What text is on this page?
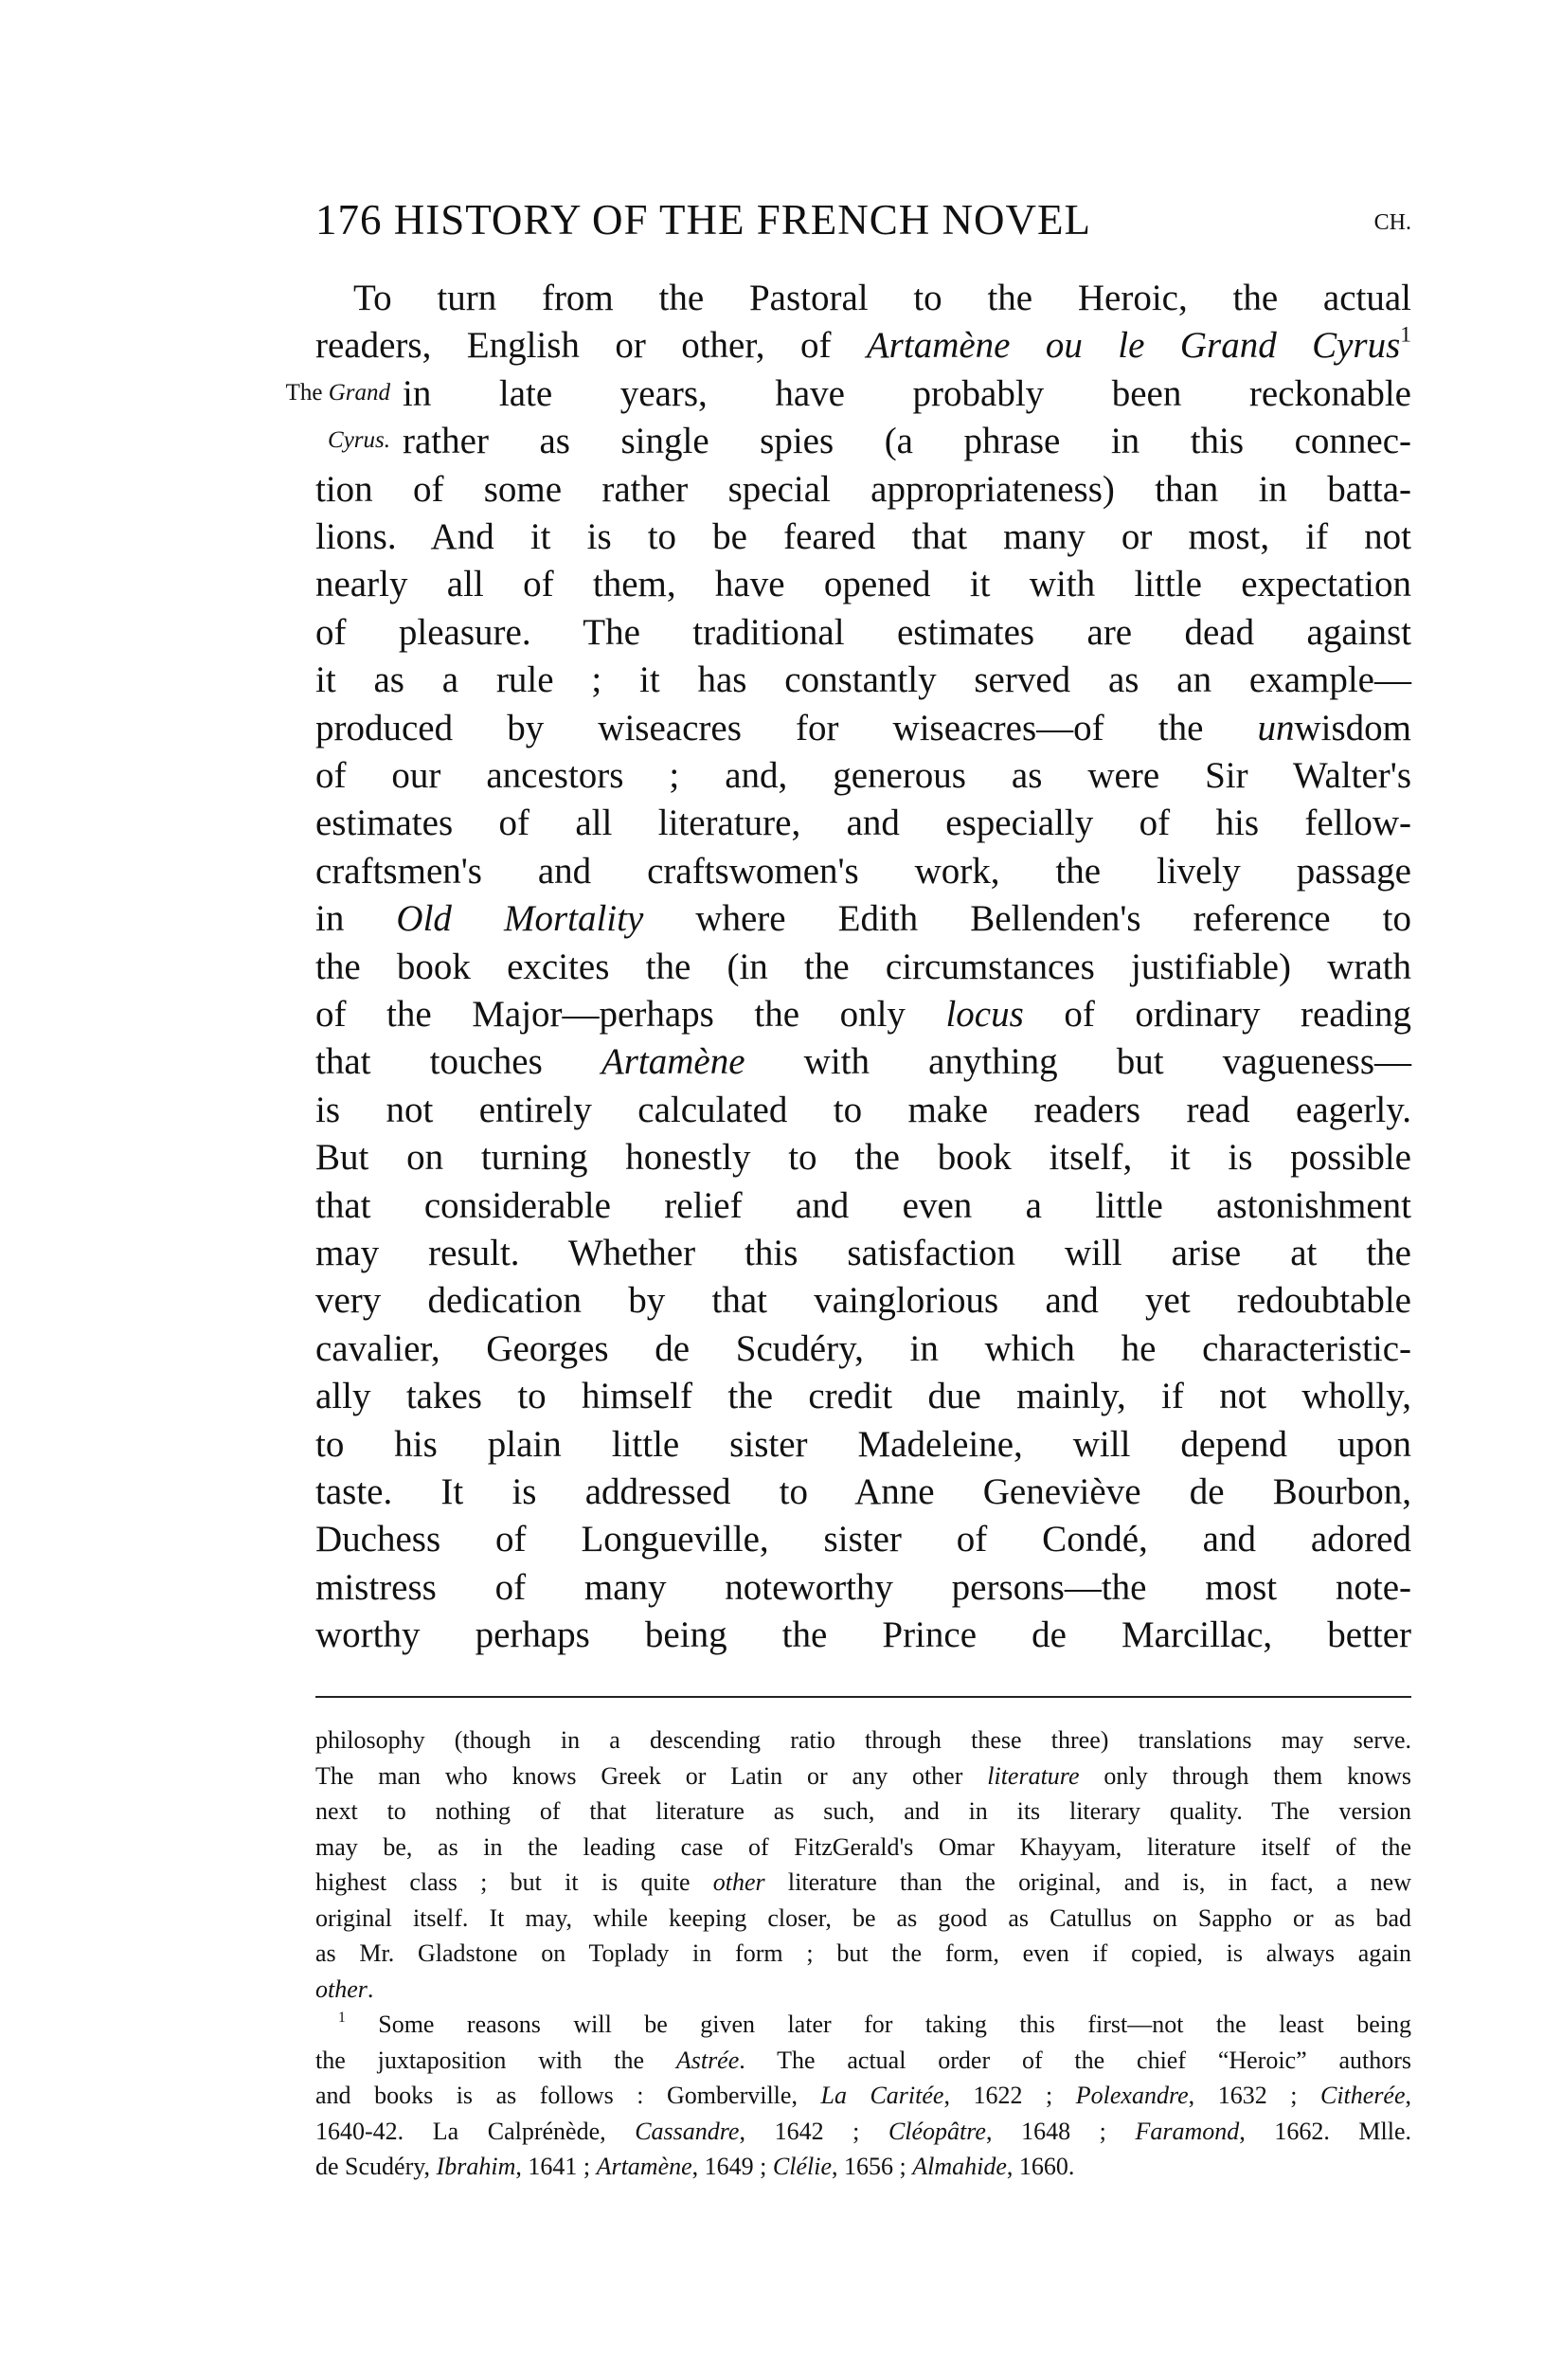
176 HISTORY OF THE FRENCH NOVEL	CH.
The Grand
Cyrus.
To turn from the Pastoral to the Heroic, the actual
readers, English or other, of Artamène ou le Grand Cyrus$^1$
in late years, have probably been reckonable
rather as single spies (a phrase in this connec-
tion of some rather special appropriateness) than in batta-
lions. And it is to be feared that many or most, if not
nearly all of them, have opened it with little expectation
of pleasure. The traditional estimates are dead against
it as a rule ; it has constantly served as an example—
produced by wiseacres for wiseacres—of the unwisdom
of our ancestors ; and, generous as were Sir Walter's
estimates of all literature, and especially of his fellow-
craftsmen's and craftswomen's work, the lively passage
in Old Mortality where Edith Bellenden's reference to
the book excites the (in the circumstances justifiable) wrath
of the Major—perhaps the only locus of ordinary reading
that touches Artamène with anything but vagueness—
is not entirely calculated to make readers read eagerly.
But on turning honestly to the book itself, it is possible
that considerable relief and even a little astonishment
may result. Whether this satisfaction will arise at the
very dedication by that vainglorious and yet redoubtable
cavalier, Georges de Scudéry, in which he characteristic-
ally takes to himself the credit due mainly, if not wholly,
to his plain little sister Madeleine, will depend upon
taste. It is addressed to Anne Geneviève de Bourbon,
Duchess of Longueville, sister of Condé, and adored
mistress of many noteworthy persons—the most note-
worthy perhaps being the Prince de Marcillac, better
philosophy (though in a descending ratio through these three) translations may serve.
The man who knows Greek or Latin or any other literature only through them knows
next to nothing of that literature as such, and in its literary quality. The version
may be, as in the leading case of FitzGerald's Omar Khayyam, literature itself of the
highest class ; but it is quite other literature than the original, and is, in fact, a new
original itself. It may, while keeping closer, be as good as Catullus on Sappho or as bad
as Mr. Gladstone on Toplady in form ; but the form, even if copied, is always again
other.
$^1$ Some reasons will be given later for taking this first—not the least being
the juxtaposition with the Astrée. The actual order of the chief “Heroic” authors
and books is as follows : Gomberville, La Caritée, 1622 ; Polexandre, 1632 ; Citherée,
1640-42. La Calprénède, Cassandre, 1642 ; Cléopâtre, 1648 ; Faramond, 1662. Mlle.
de Scudéry, Ibrahim, 1641 ; Artamène, 1649 ; Clélie, 1656 ; Almahide, 1660.
